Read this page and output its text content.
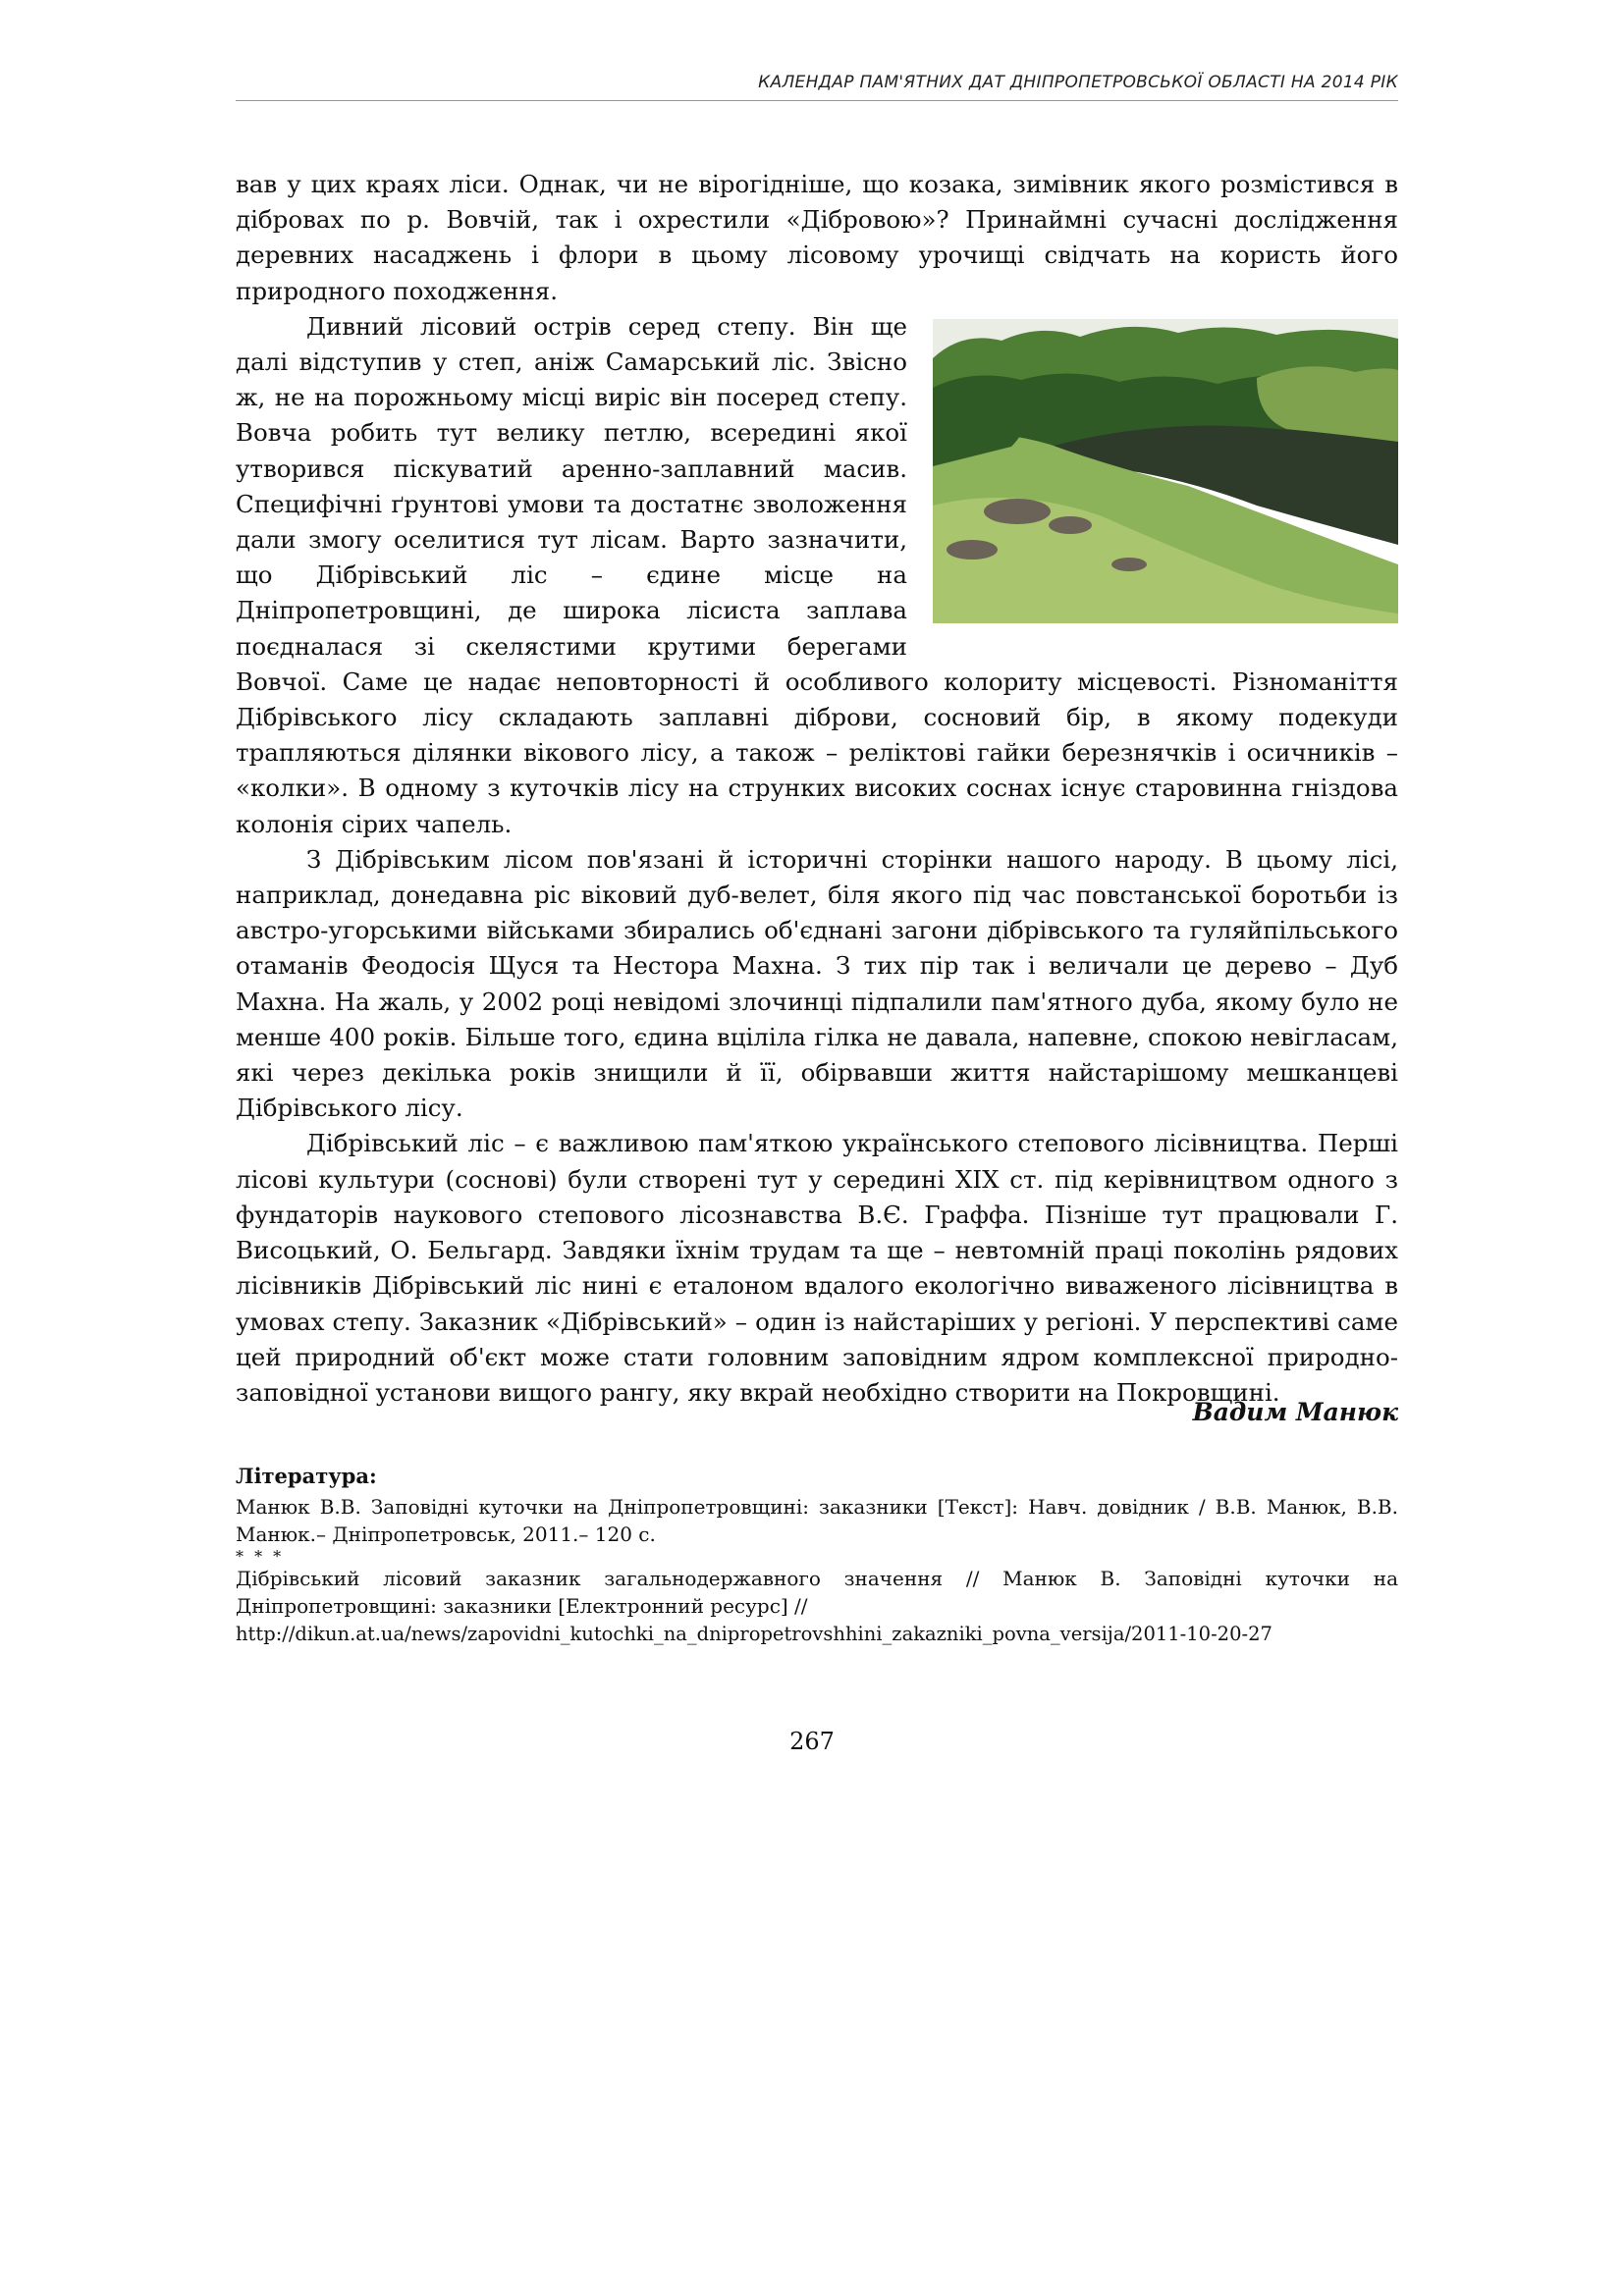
КАЛЕНДАР ПАМ'ЯТНИХ ДАТ ДНІПРОПЕТРОВСЬКОЇ ОБЛАСТІ НА 2014 РІК

вав у цих краях ліси. Однак, чи не вірогідніше, що козака, зимівник якого розмістився в дібровах по р. Вовчій, так і охрестили «Дібровою»? Принаймні сучасні дослідження деревних насаджень і флори в цьому лісовому урочищі свідчать на користь його природного походження.

Дивний лісовий острів серед степу. Він ще далі відступив у степ, аніж Самарський ліс. Звісно ж, не на порожньому місці виріс він посеред степу. Вовча робить тут велику петлю, всередині якої утворився піскуватий аренно-заплавний масив. Специфічні ґрунтові умови та достатнє зволоження дали змогу оселитися тут лісам. Варто зазначити, що Дібрівський ліс – єдине місце на Дніпропетровщині, де широка лісиста заплава поєдналася зі скелястими крутими берегами Вовчої. Саме це надає неповторності й особливого колориту місцевості. Різноманіття Дібрівського лісу складають заплавні діброви, сосновий бір, в якому подекуди трапляються ділянки вікового лісу, а також – реліктові гайки березнячків і осичників – «колки». В одному з куточків лісу на струнких високих соснах існує старовинна гніздова колонія сірих чапель.

З Дібрівським лісом пов'язані й історичні сторінки нашого народу. В цьому лісі, наприклад, донедавна ріс віковий дуб-велет, біля якого під час повстанської боротьби із австро-угорськими військами збирались об'єднані загони дібрівського та гуляйпільського отаманів Феодосія Щуся та Нестора Махна. З тих пір так і величали це дерево – Дуб Махна. На жаль, у 2002 році невідомі злочинці підпалили пам'ятного дуба, якому було не менше 400 років. Більше того, єдина вціліла гілка не давала, напевне, спокою невігласам, які через декілька років знищили й її, обірвавши життя найстарішому мешканцеві Дібрівського лісу.

Дібрівський ліс – є важливою пам'яткою українського степового лісівництва. Перші лісові культури (соснові) були створені тут у середині XIX ст. під керівництвом одного з фундаторів наукового степового лісознавства В.Є. Граффа. Пізніше тут працювали Г. Висоцький, О. Бельгард. Завдяки їхнім трудам та ще – невтомній праці поколінь рядових лісівників Дібрівський ліс нині є еталоном вдалого екологічно виваженого лісівництва в умовах степу. Заказник «Дібрівський» – один із найстаріших у регіоні. У перспективі саме цей природний об'єкт може стати головним заповідним ядром комплексної природно-заповідної установи вищого рангу, яку вкрай необхідно створити на Покровщині.

Вадим Манюк

Література:

Манюк В.В. Заповідні куточки на Дніпропетровщині: заказники [Текст]: Навч. довідник / В.В. Манюк, В.В. Манюк.– Дніпропетровськ, 2011.– 120 с.

* * *

Дібрівський лісовий заказник загальнодержавного значення // Манюк В. Заповідні куточки на Дніпропетровщині: заказники [Електронний ресурс] //

http://dikun.at.ua/news/zapovidni_kutochki_na_dnipropetrovshhini_zakazniki_povna_versija/2011-10-20-27

267
